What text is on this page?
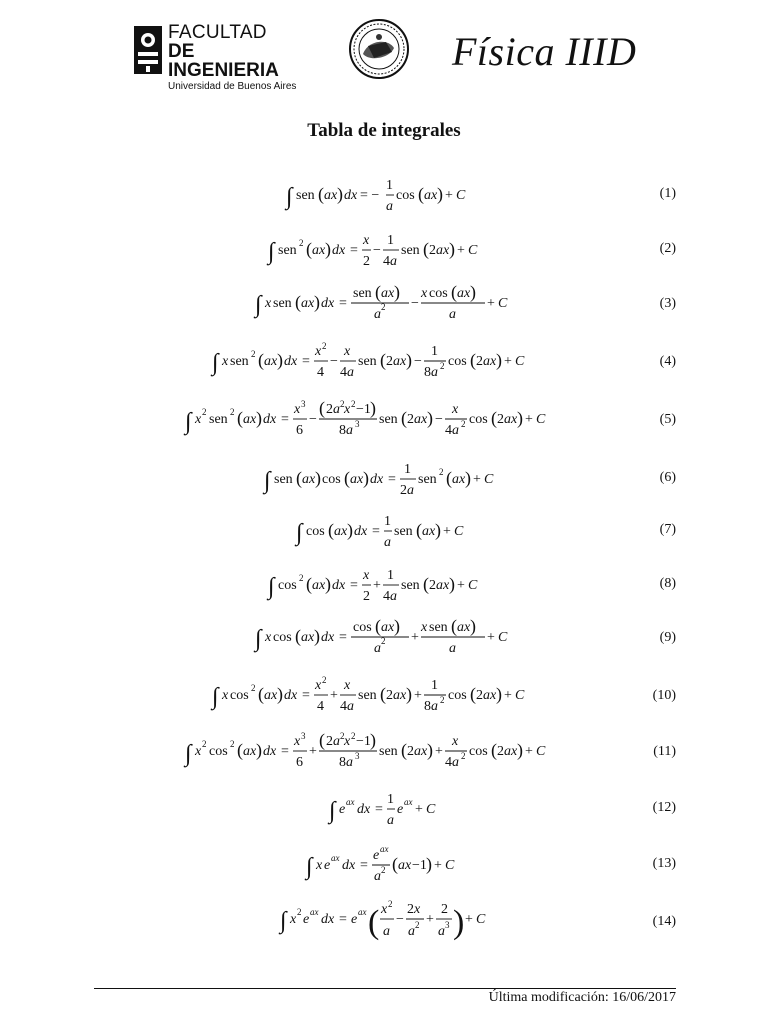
FACULTAD
DE INGENIERIA
Universidad de Buenos Aires
Física IIID
Tabla de integrales
∫ sen ( ax ) dx = −
1
a
cos ( ax ) + C	(1)
∫ sen 2 ( ax ) dx =
x
2
−
1
4a
sen ( 2ax ) + C	(2)
∫ x sen ( ax ) dx =
sen ( ax )
a 2 −
x cos ( ax )
a
+ C	(3)
∫ x sen 2 ( ax ) dx =
x 2
4
−
x
4a
sen ( 2ax ) −
1
8a 2 cos ( 2ax ) + C	(4)
∫ x 2 sen 2 ( ax ) dx =
x 3
6
−
( 2a 2 x 2 −1 )
8a 3 sen ( 2ax ) −
x
4a 2 cos ( 2ax ) + C	(5)
∫ sen ( ax ) cos ( ax ) dx =
1
2a
sen 2 ( ax ) + C	(6)
∫ cos ( ax ) dx =
1
a
sen ( ax ) + C	(7)
∫ cos 2 ( ax ) dx =
x
2
+
1
4a
sen ( 2ax ) + C	(8)
∫ x cos ( ax ) dx =
cos ( ax )
a 2 +
x sen ( ax )
a
+ C	(9)
∫ x cos 2 ( ax ) dx =
x 2
4
+
x
4a
sen ( 2ax ) +
1
8a 2 cos ( 2ax ) + C	(10)
∫ x 2 cos 2 ( ax ) dx =
x 3
6
+
( 2a 2 x 2 −1 )
8a 3 sen ( 2ax ) +
x
4a 2 cos ( 2ax ) + C	(11)
∫ e ax dx =
1
a
e ax + C	(12)
∫ x e ax dx =
e ax
a 2 ( ax −1 ) + C	(13)
∫ x 2 e ax dx = e ax ( x 2
a
−
2x
a 2 +
2
a 3 ) + C	(14)
Última modificación: 16/06/2017
